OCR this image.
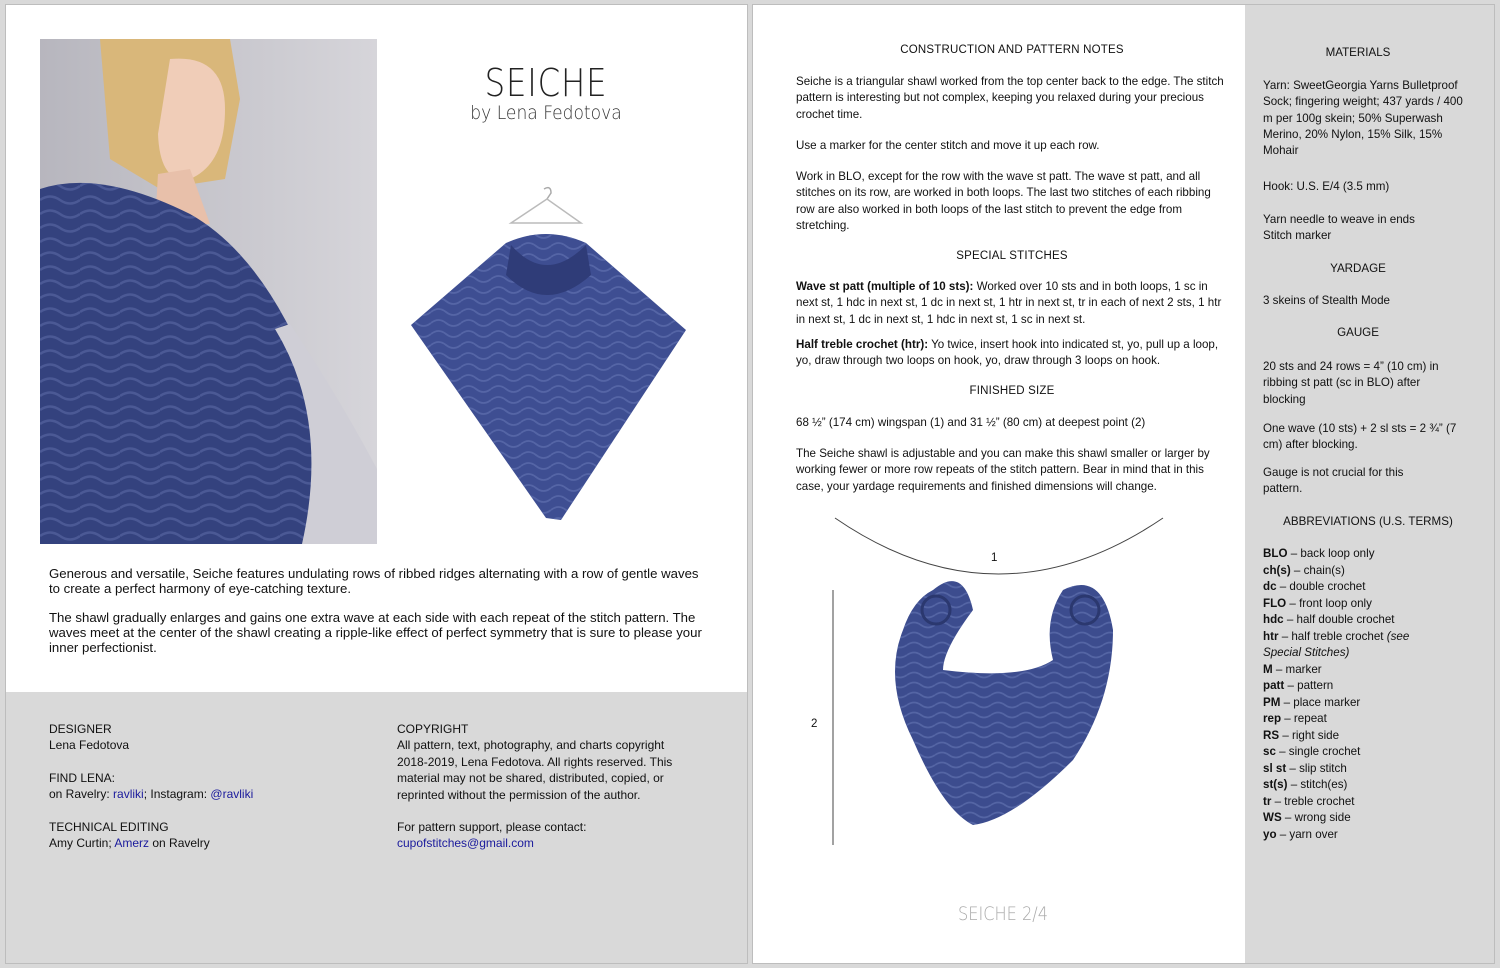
SEICHE
by Lena Fedotova
Generous and versatile, Seiche features undulating rows of ribbed ridges alternating with a row of gentle waves to create a perfect harmony of eye-catching texture.
The shawl gradually enlarges and gains one extra wave at each side with each repeat of the stitch pattern. The waves meet at the center of the shawl creating a ripple-like effect of perfect symmetry that is sure to please your inner perfectionist.
DESIGNER
Lena Fedotova
FIND LENA:
on Ravelry: ravliki; Instagram: @ravliki
TECHNICAL EDITING
Amy Curtin; Amerz on Ravelry
COPYRIGHT
All pattern, text, photography, and charts copyright 2018-2019, Lena Fedotova. All rights reserved. This material may not be shared, distributed, copied, or reprinted without the permission of the author.
For pattern support, please contact:
cupofstitches@gmail.com
CONSTRUCTION AND PATTERN NOTES
Seiche is a triangular shawl worked from the top center back to the edge. The stitch pattern is interesting but not complex, keeping you relaxed during your precious crochet time.
Use a marker for the center stitch and move it up each row.
Work in BLO, except for the row with the wave st patt. The wave st patt, and all stitches on its row, are worked in both loops. The last two stitches of each ribbing row are also worked in both loops of the last stitch to prevent the edge from stretching.
SPECIAL STITCHES
Wave st patt (multiple of 10 sts): Worked over 10 sts and in both loops, 1 sc in next st, 1 hdc in next st, 1 dc in next st, 1 htr in next st, tr in each of next 2 sts, 1 htr in next st, 1 dc in next st, 1 hdc in next st, 1 sc in next st.
Half treble crochet (htr): Yo twice, insert hook into indicated st, yo, pull up a loop, yo, draw through two loops on hook, yo, draw through 3 loops on hook.
FINISHED SIZE
68 ½” (174 cm) wingspan (1) and 31 ½” (80 cm) at deepest point (2)
The Seiche shawl is adjustable and you can make this shawl smaller or larger by working fewer or more row repeats of the stitch pattern. Bear in mind that in this case, your yardage requirements and finished dimensions will change.
1
2
SEICHE 2/4
MATERIALS
Yarn: SweetGeorgia Yarns Bulletproof Sock; fingering weight; 437 yards / 400 m per 100g skein; 50% Superwash Merino, 20% Nylon, 15% Silk, 15% Mohair
Hook: U.S. E/4 (3.5 mm)
Yarn needle to weave in ends
Stitch marker
YARDAGE
3 skeins of Stealth Mode
GAUGE
20 sts and 24 rows = 4” (10 cm) in ribbing st patt (sc in BLO) after blocking
One wave (10 sts) + 2 sl sts = 2 ¾” (7 cm) after blocking.
Gauge is not crucial for this pattern.
ABBREVIATIONS (U.S. TERMS)
BLO – back loop only
ch(s) – chain(s)
dc – double crochet
FLO – front loop only
hdc – half double crochet
htr – half treble crochet (see
Special Stitches)
M – marker
patt – pattern
PM – place marker
rep – repeat
RS – right side
sc – single crochet
sl st – slip stitch
st(s) – stitch(es)
tr – treble crochet
WS – wrong side
yo – yarn over
